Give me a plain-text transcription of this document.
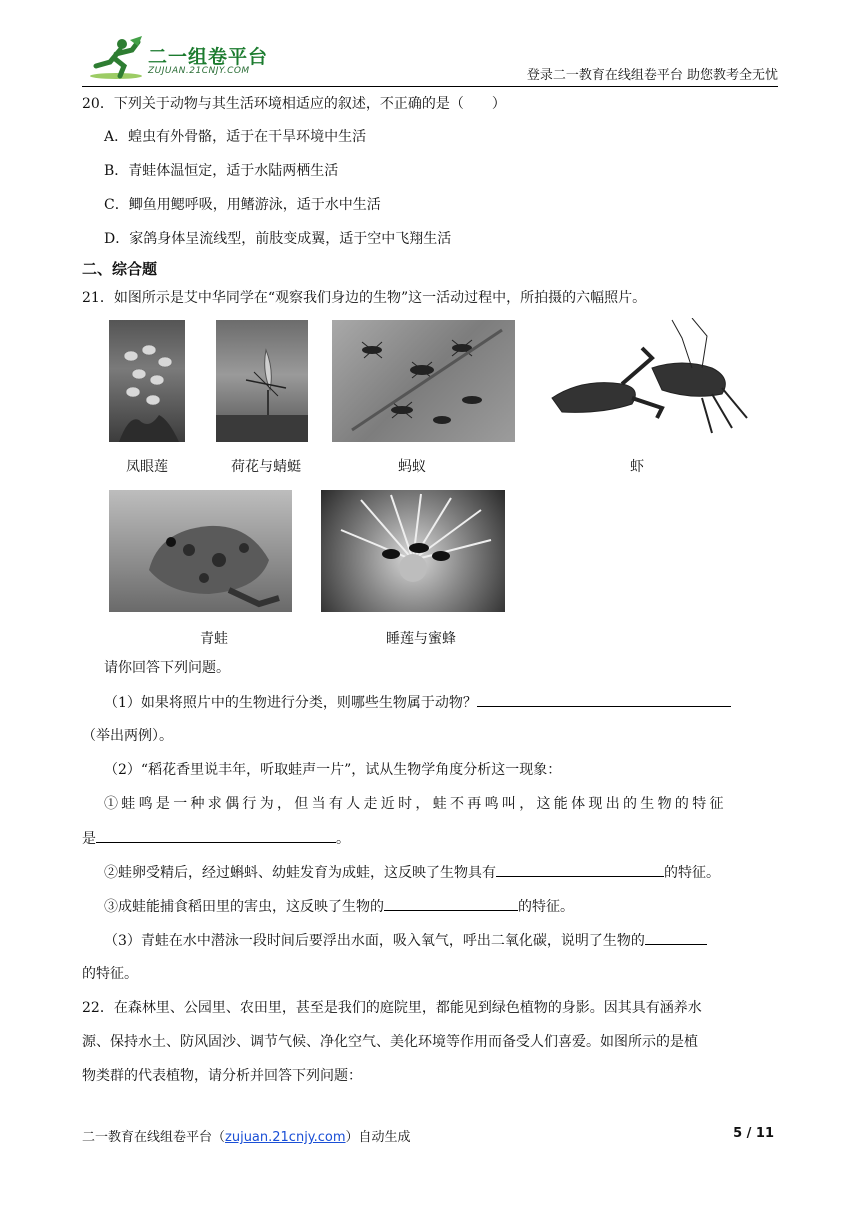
二一组卷平台
ZUJUAN.21CNJY.COM	登录二一教育在线组卷平台 助您教考全无忧
20．下列关于动物与其生活环境相适应的叙述，不正确的是（　　）
A．蝗虫有外骨骼，适于在干旱环境中生活
B．青蛙体温恒定，适于水陆两栖生活
C．鲫鱼用鳃呼吸，用鳍游泳，适于水中生活
D．家鸽身体呈流线型，前肢变成翼，适于空中飞翔生活
二、综合题
21．如图所示是艾中华同学在“观察我们身边的生物”这一活动过程中，所拍摄的六幅照片。
凤眼莲	荷花与蜻蜓	蚂蚁	虾
青蛙	睡莲与蜜蜂
请你回答下列问题。
（1）如果将照片中的生物进行分类，则哪些生物属于动物？
（举出两例）。
（2）“稻花香里说丰年，听取蛙声一片”，试从生物学角度分析这一现象：
①蛙鸣是一种求偶行为，但当有人走近时，蛙不再鸣叫，这能体现出的生物的特征
是	。
②蛙卵受精后，经过蝌蚪、幼蛙发育为成蛙，这反映了生物具有	的特征。
③成蛙能捕食稻田里的害虫，这反映了生物的	的特征。
（3）青蛙在水中潜泳一段时间后要浮出水面，吸入氧气，呼出二氧化碳，说明了生物的
的特征。
22．在森林里、公园里、农田里，甚至是我们的庭院里，都能见到绿色植物的身影。因其具有涵养水
源、保持水土、防风固沙、调节气候、净化空气、美化环境等作用而备受人们喜爱。如图所示的是植
物类群的代表植物，请分析并回答下列问题：
二一教育在线组卷平台（zujuan.21cnjy.com）自动生成	5 / 11
